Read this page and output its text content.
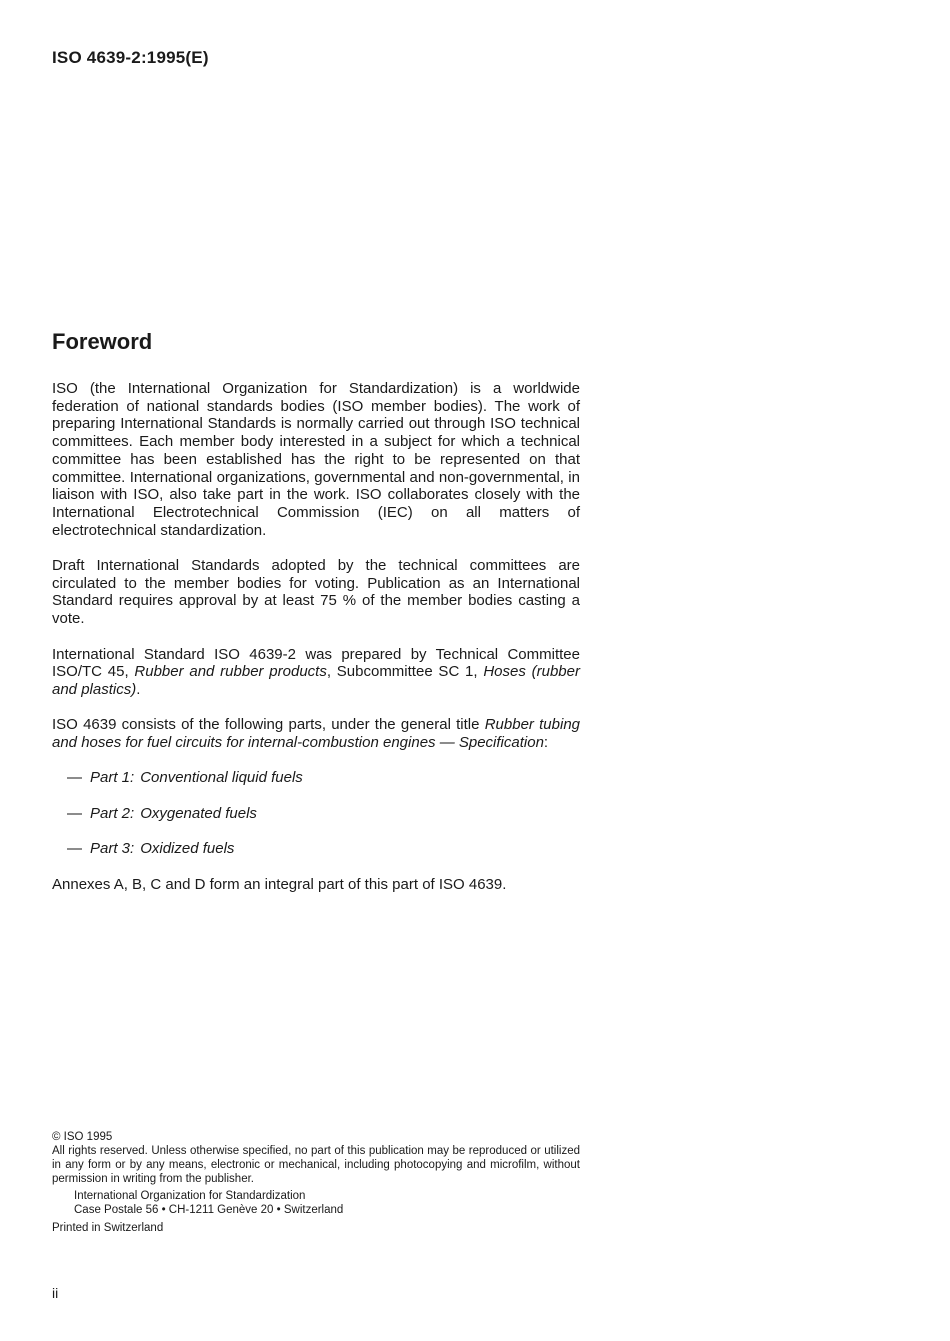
ISO 4639-2:1995(E)
Foreword

ISO (the International Organization for Standardization) is a worldwide federation of national standards bodies (ISO member bodies). The work of preparing International Standards is normally carried out through ISO technical committees. Each member body interested in a subject for which a technical committee has been established has the right to be represented on that committee. International organizations, governmental and non-governmental, in liaison with ISO, also take part in the work. ISO collaborates closely with the International Electrotechnical Commission (IEC) on all matters of electrotechnical standardization.

Draft International Standards adopted by the technical committees are circulated to the member bodies for voting. Publication as an International Standard requires approval by at least 75 % of the member bodies casting a vote.

International Standard ISO 4639-2 was prepared by Technical Committee ISO/TC 45, Rubber and rubber products, Subcommittee SC 1, Hoses (rubber and plastics).

ISO 4639 consists of the following parts, under the general title Rubber tubing and hoses for fuel circuits for internal-combustion engines — Specification:

— Part 1: Conventional liquid fuels
— Part 2: Oxygenated fuels
— Part 3: Oxidized fuels

Annexes A, B, C and D form an integral part of this part of ISO 4639.

© ISO 1995
All rights reserved. Unless otherwise specified, no part of this publication may be reproduced or utilized in any form or by any means, electronic or mechanical, including photocopying and microfilm, without permission in writing from the publisher.
International Organization for Standardization
Case Postale 56 • CH-1211 Genève 20 • Switzerland
Printed in Switzerland
ii
